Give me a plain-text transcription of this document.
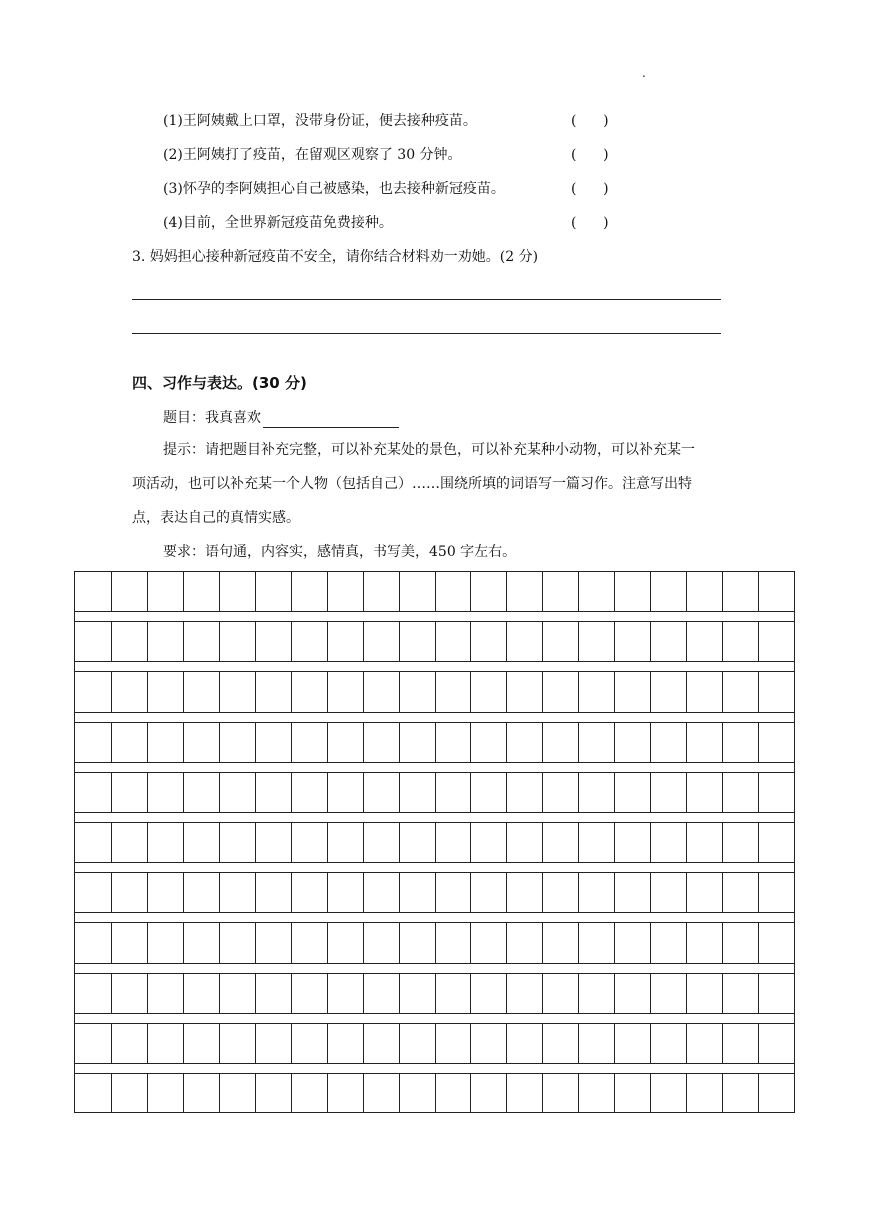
.
(1)王阿姨戴上口罩，没带身份证，便去接种疫苗。	(      )
(2)王阿姨打了疫苗，在留观区观察了 30 分钟。	(      )
(3)怀孕的李阿姨担心自己被感染，也去接种新冠疫苗。	(      )
(4)目前，全世界新冠疫苗免费接种。	(      )
3. 妈妈担心接种新冠疫苗不安全，请你结合材料劝一劝她。(2 分)
四、习作与表达。(30 分)
题目：我真喜欢
提示：请把题目补充完整，可以补充某处的景色，可以补充某种小动物，可以补充某一
项活动，也可以补充某一个人物（包括自己）……围绕所填的词语写一篇习作。注意写出特
点，表达自己的真情实感。
要求：语句通，内容实，感情真，书写美，450 字左右。
